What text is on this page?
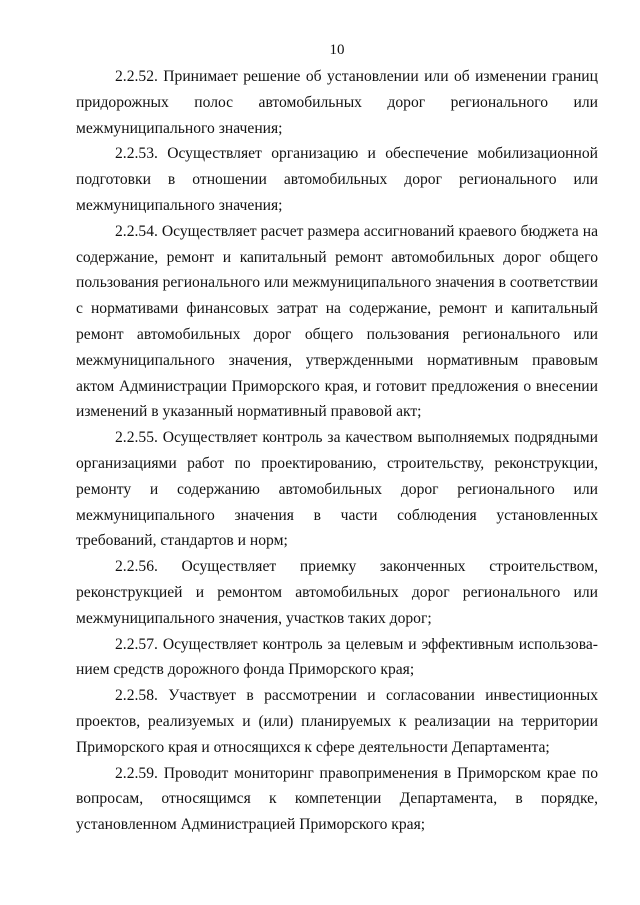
10

2.2.52. Принимает решение об установлении или об изменении границ придорожных полос автомобильных дорог регионального или межмуниципального значения;

2.2.53. Осуществляет организацию и обеспечение мобилизационной подготовки в отношении автомобильных дорог регионального или межмуниципального значения;

2.2.54. Осуществляет расчет размера ассигнований краевого бюджета на содержание, ремонт и капитальный ремонт автомобильных дорог общего пользования регионального или межмуниципального значения в соответствии с нормативами финансовых затрат на содержание, ремонт и капитальный ремонт автомобильных дорог общего пользования регионального или межмуниципального значения, утвержденными нормативным правовым актом Администрации Приморского края, и готовит предложения о внесении изменений в указанный нормативный правовой акт;

2.2.55. Осуществляет контроль за качеством выполняемых подрядными организациями работ по проектированию, строительству, реконструкции, ремонту и содержанию автомобильных дорог регионального или межмуниципального значения в части соблюдения установленных требований, стандартов и норм;

2.2.56. Осуществляет приемку законченных строительством, реконструкцией и ремонтом автомобильных дорог регионального или межмуниципального значения, участков таких дорог;

2.2.57. Осуществляет контроль за целевым и эффективным использованием средств дорожного фонда Приморского края;

2.2.58. Участвует в рассмотрении и согласовании инвестиционных проектов, реализуемых и (или) планируемых к реализации на территории Приморского края и относящихся к сфере деятельности Департамента;

2.2.59. Проводит мониторинг правоприменения в Приморском крае по вопросам, относящимся к компетенции Департамента, в порядке, установленном Администрацией Приморского края;
